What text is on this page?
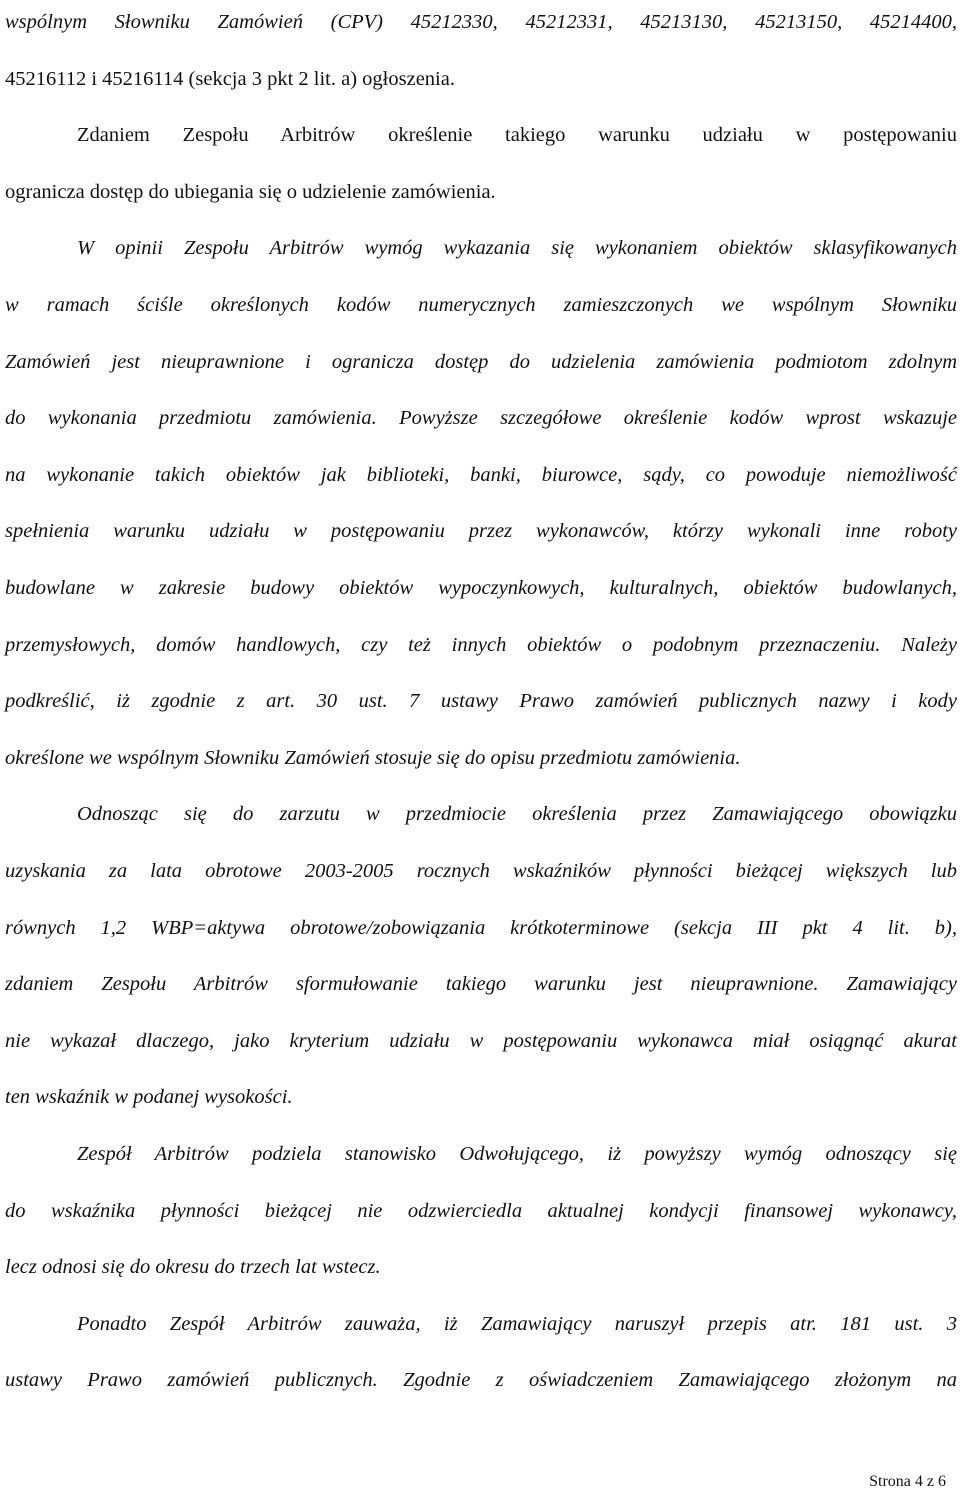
wspólnym Słowniku Zamówień (CPV) 45212330, 45212331, 45213130, 45213150, 45214400,
45216112 i 45216114 (sekcja 3 pkt 2 lit. a) ogłoszenia.
Zdaniem Zespołu Arbitrów określenie takiego warunku udziału w postępowaniu
ogranicza dostęp do ubiegania się o udzielenie zamówienia.
W opinii Zespołu Arbitrów wymóg wykazania się wykonaniem obiektów sklasyfikowanych
w ramach ściśle określonych kodów numerycznych zamieszczonych we wspólnym Słowniku
Zamówień jest nieuprawnione i ogranicza dostęp do udzielenia zamówienia podmiotom zdolnym
do wykonania przedmiotu zamówienia. Powyższe szczegółowe określenie kodów wprost wskazuje
na wykonanie takich obiektów jak biblioteki, banki, biurowce, sądy, co powoduje niemożliwość
spełnienia warunku udziału w postępowaniu przez wykonawców, którzy wykonali inne roboty
budowlane w zakresie budowy obiektów wypoczynkowych, kulturalnych, obiektów budowlanych,
przemysłowych, domów handlowych, czy też innych obiektów o podobnym przeznaczeniu. Należy
podkreślić, iż zgodnie z art. 30 ust. 7 ustawy Prawo zamówień publicznych nazwy i kody
określone we wspólnym Słowniku Zamówień stosuje się do opisu przedmiotu zamówienia.
Odnosząc się do zarzutu w przedmiocie określenia przez Zamawiającego obowiązku
uzyskania za lata obrotowe 2003-2005 rocznych wskaźników płynności bieżącej większych lub
równych 1,2 WBP=aktywa obrotowe/zobowiązania krótkoterminowe (sekcja III pkt 4 lit. b),
zdaniem Zespołu Arbitrów sformułowanie takiego warunku jest nieuprawnione. Zamawiający
nie wykazał dlaczego, jako kryterium udziału w postępowaniu wykonawca miał osiągnąć akurat
ten wskaźnik w podanej wysokości.
Zespół Arbitrów podziela stanowisko Odwołującego, iż powyższy wymóg odnoszący się
do wskaźnika płynności bieżącej nie odzwierciedla aktualnej kondycji finansowej wykonawcy,
lecz odnosi się do okresu do trzech lat wstecz.
Ponadto Zespół Arbitrów zauważa, iż Zamawiający naruszył przepis atr. 181 ust. 3
ustawy Prawo zamówień publicznych. Zgodnie z oświadczeniem Zamawiającego złożonym na
Strona 4 z 6
